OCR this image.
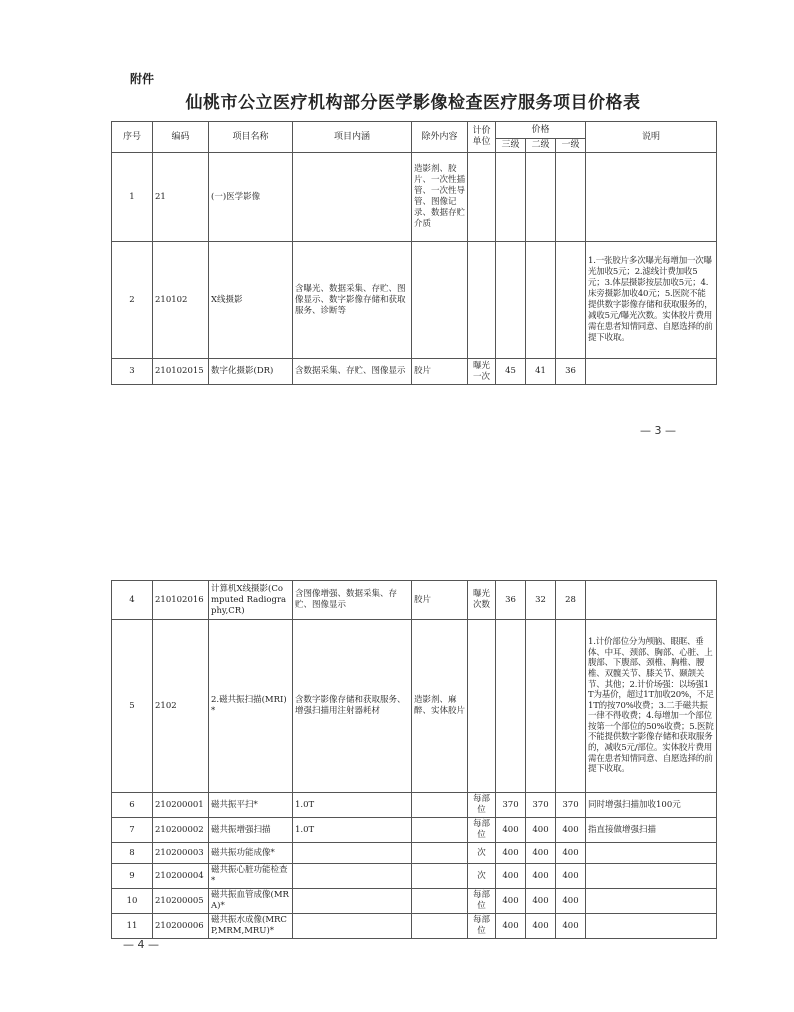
附件
仙桃市公立医疗机构部分医学影像检查医疗服务项目价格表
序号	编码	项目名称	项目内涵	除外内容	计价单位	价格			说明
						三级	二级	一级	
1	21	(一)医学影像		造影剂、胶片、一次性插管、一次性导管、图像记录、数据存贮介质					
2	210102	X线摄影	含曝光、数据采集、存贮、图像显示、数字影像存储和获取服务、诊断等						1.一张胶片多次曝光每增加一次曝光加收5元；2.滤线计费加收5元；3.体层摄影按层加收5元；4.床旁摄影加收40元；5.医院不能提供数字影像存储和获取服务的，减收5元/曝光次数。实体胶片费用需在患者知情同意、自愿选择的前提下收取。
3	210102015	数字化摄影(DR)	含数据采集、存贮、图像显示	胶片	曝光一次	45	41	36	
— 3 —
4	210102016	计算机X线摄影(Computed Radiography,CR)	含图像增强、数据采集、存贮、图像显示	胶片	曝光次数	36	32	28	
5	2102	2.磁共振扫描(MRI)*	含数字影像存储和获取服务、增强扫描用注射器耗材	造影剂、麻醉、实体胶片					1.计价部位分为颅脑、眼眶、垂体、中耳、颈部、胸部、心脏、上腹部、下腹部、颈椎、胸椎、腰椎、双髋关节、膝关节、颞颌关节、其他；2.计价场强：以场强1T为基价，超过1T加收20%，不足1T的按70%收费；3.二手磁共振一律不得收费；4.每增加一个部位按第一个部位的50%收费；5.医院不能提供数字影像存储和获取服务的，减收5元/部位。实体胶片费用需在患者知情同意、自愿选择的前提下收取。
6	210200001	磁共振平扫*	1.0T		每部位	370	370	370	同时增强扫描加收100元
7	210200002	磁共振增强扫描	1.0T		每部位	400	400	400	指直接做增强扫描
8	210200003	磁共振功能成像*			次	400	400	400	
9	210200004	磁共振心脏功能检查*			次	400	400	400	
10	210200005	磁共振血管成像(MRA)*			每部位	400	400	400	
11	210200006	磁共振水成像(MRCP,MRM,MRU)*			每部位	400	400	400	
— 4 —
